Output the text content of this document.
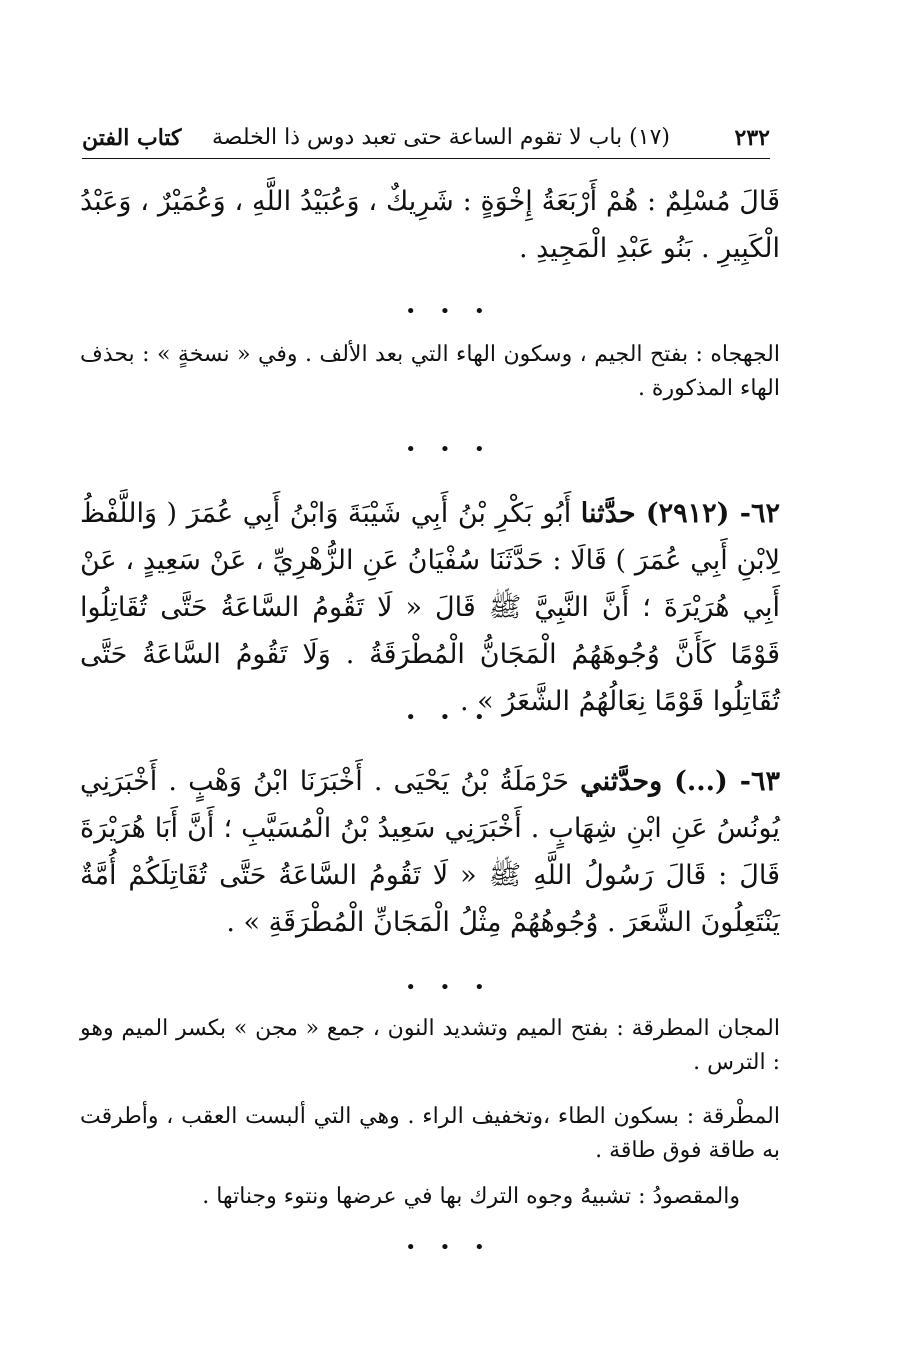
٢٣٢
(١٧) باب لا تقوم الساعة حتى تعبد دوس ذا الخلصة
كتاب الفتن
قَالَ مُسْلِمٌ : هُمْ أَرْبَعَةُ إِخْوَةٍ : شَرِيكٌ ، وَعُبَيْدُ اللَّهِ ، وَعُمَيْرٌ ، وَعَبْدُ الْكَبِيرِ . بَنُو عَبْدِ الْمَجِيدِ .
• • •
الجهجاه : بفتح الجيم ، وسكون الهاء التي بعد الألف . وفي « نسخةٍ » : بحذف الهاء المذكورة .
• • •
٦٢- (٢٩١٢) حدَّثنا أَبُو بَكْرِ بْنُ أَبِي شَيْبَةَ وَابْنُ أَبِي عُمَرَ ( وَاللَّفْظُ لِابْنِ أَبِي عُمَرَ ) قَالَا : حَدَّثَنَا سُفْيَانُ عَنِ الزُّهْرِيِّ ، عَنْ سَعِيدٍ ، عَنْ أَبِي هُرَيْرَةَ ؛ أَنَّ النَّبِيَّ ﷺ قَالَ « لَا تَقُومُ السَّاعَةُ حَتَّى تُقَاتِلُوا قَوْمًا كَأَنَّ وُجُوهَهُمُ الْمَجَانُّ الْمُطْرَقَةُ . وَلَا تَقُومُ السَّاعَةُ حَتَّى تُقَاتِلُوا قَوْمًا نِعَالُهُمُ الشَّعَرُ » .
• • •
٦٣- (...) وحدَّثني حَرْمَلَةُ بْنُ يَحْيَى . أَخْبَرَنَا ابْنُ وَهْبٍ . أَخْبَرَنِي يُونُسُ عَنِ ابْنِ شِهَابٍ . أَخْبَرَنِي سَعِيدُ بْنُ الْمُسَيَّبِ ؛ أَنَّ أَبَا هُرَيْرَةَ قَالَ : قَالَ رَسُولُ اللَّهِ ﷺ « لَا تَقُومُ السَّاعَةُ حَتَّى تُقَاتِلَكُمْ أُمَّةٌ يَنْتَعِلُونَ الشَّعَرَ . وُجُوهُهُمْ مِثْلُ الْمَجَانِّ الْمُطْرَقَةِ » .
• • •
المجان المطرقة : بفتح الميم وتشديد النون ، جمع « مجن » بكسر الميم وهو : الترس .
المطْرقة : بسكون الطاء ،وتخفيف الراء . وهي التي ألبست العقب ، وأطرقت به طاقة فوق طاقة .
والمقصودُ : تشبيهُ وجوه الترك بها في عرضها ونتوء وجناتها .
• • •
